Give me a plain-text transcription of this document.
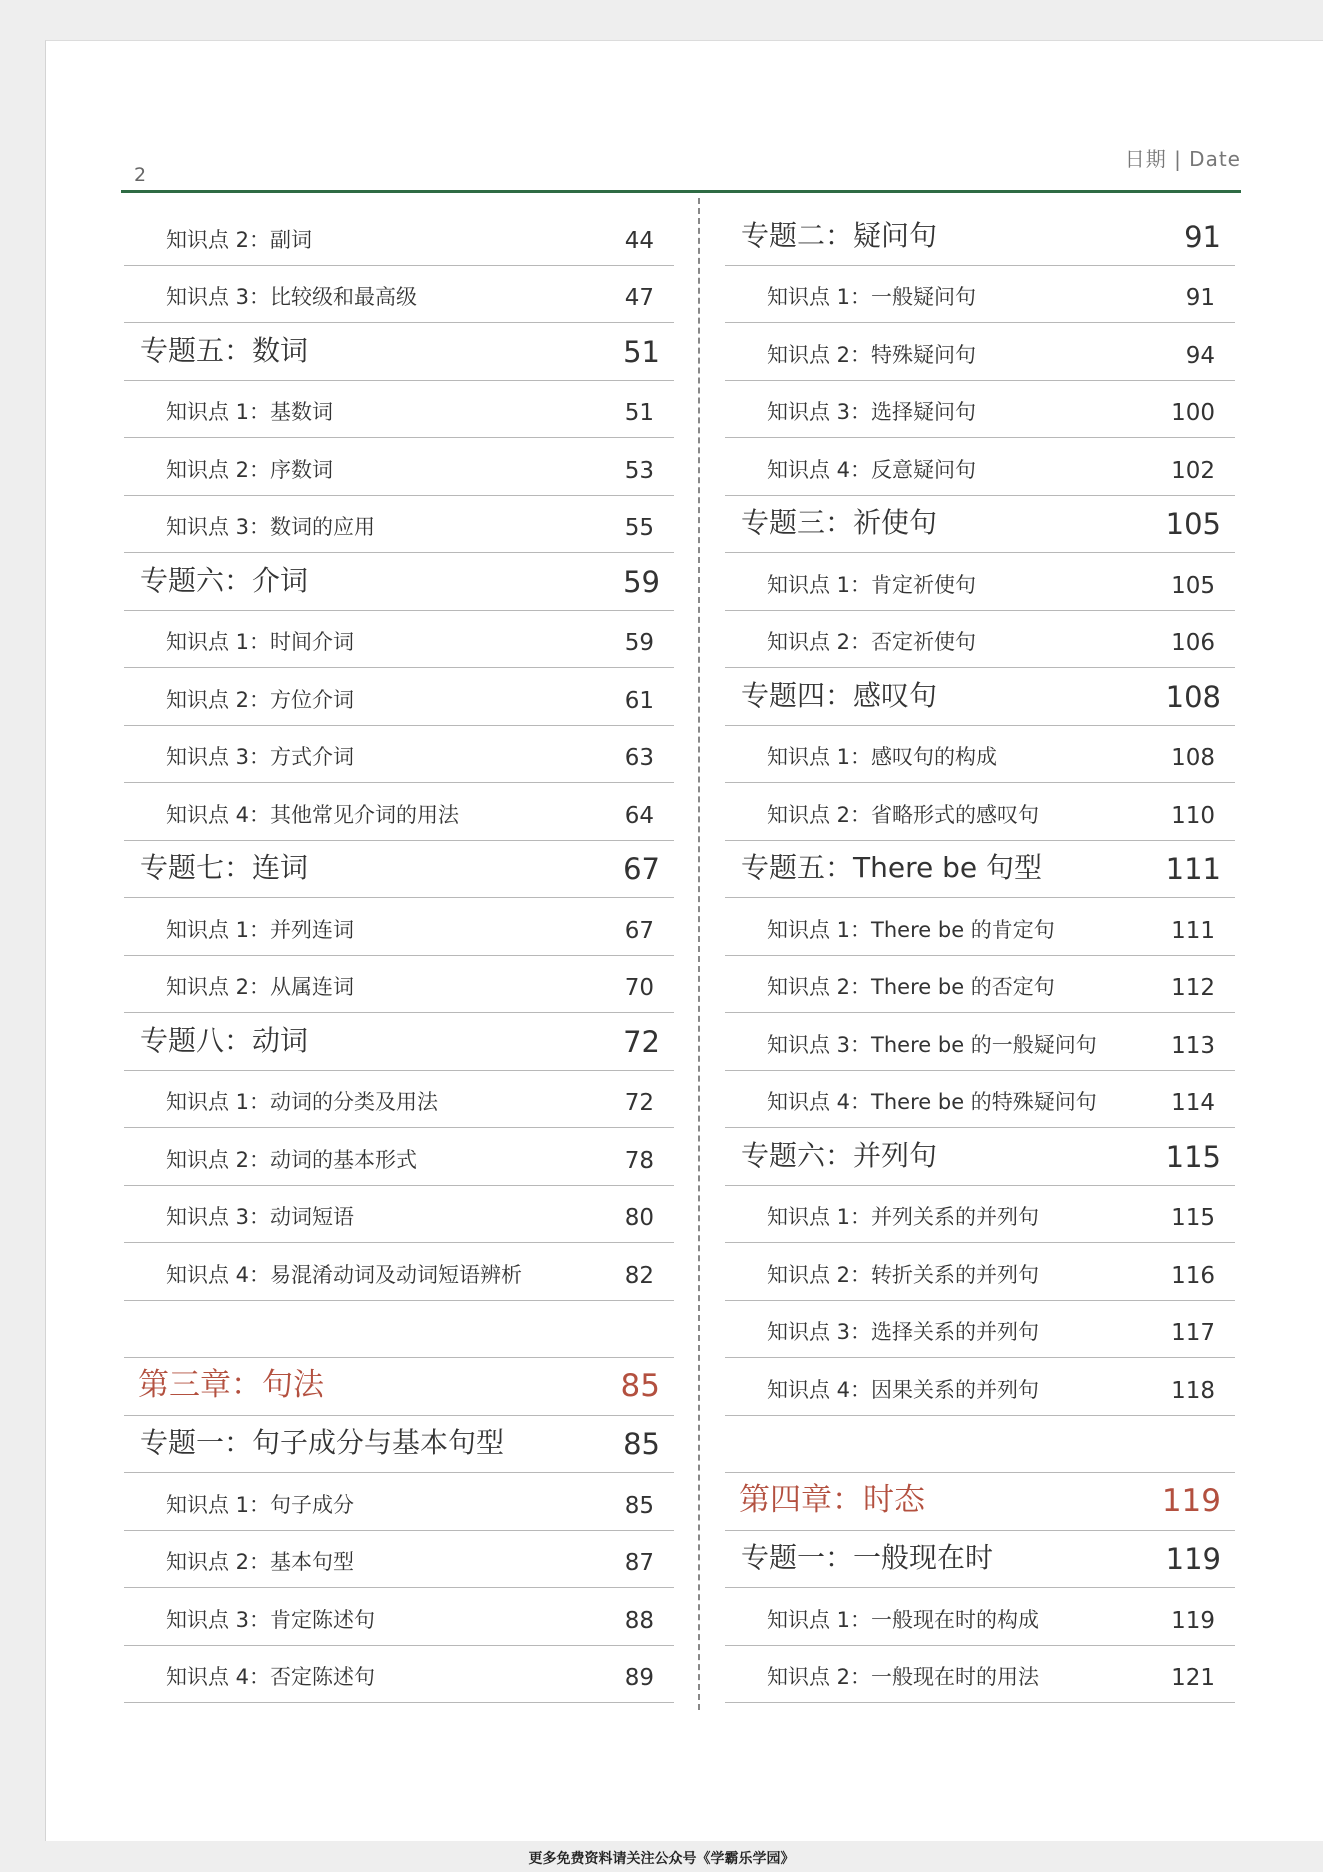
2
日期 | Date
知识点 2：副词	44
知识点 3：比较级和最高级	47
专题五：数词	51
知识点 1：基数词	51
知识点 2：序数词	53
知识点 3：数词的应用	55
专题六：介词	59
知识点 1：时间介词	59
知识点 2：方位介词	61
知识点 3：方式介词	63
知识点 4：其他常见介词的用法	64
专题七：连词	67
知识点 1：并列连词	67
知识点 2：从属连词	70
专题八：动词	72
知识点 1：动词的分类及用法	72
知识点 2：动词的基本形式	78
知识点 3：动词短语	80
知识点 4：易混淆动词及动词短语辨析	82
第三章：句法	85
专题一：句子成分与基本句型	85
知识点 1：句子成分	85
知识点 2：基本句型	87
知识点 3：肯定陈述句	88
知识点 4：否定陈述句	89
专题二：疑问句	91
知识点 1：一般疑问句	91
知识点 2：特殊疑问句	94
知识点 3：选择疑问句	100
知识点 4：反意疑问句	102
专题三：祈使句	105
知识点 1：肯定祈使句	105
知识点 2：否定祈使句	106
专题四：感叹句	108
知识点 1：感叹句的构成	108
知识点 2：省略形式的感叹句	110
专题五：There be 句型	111
知识点 1：There be 的肯定句	111
知识点 2：There be 的否定句	112
知识点 3：There be 的一般疑问句	113
知识点 4：There be 的特殊疑问句	114
专题六：并列句	115
知识点 1：并列关系的并列句	115
知识点 2：转折关系的并列句	116
知识点 3：选择关系的并列句	117
知识点 4：因果关系的并列句	118
第四章：时态	119
专题一：一般现在时	119
知识点 1：一般现在时的构成	119
知识点 2：一般现在时的用法	121
更多免费资料请关注公众号《学霸乐学园》
